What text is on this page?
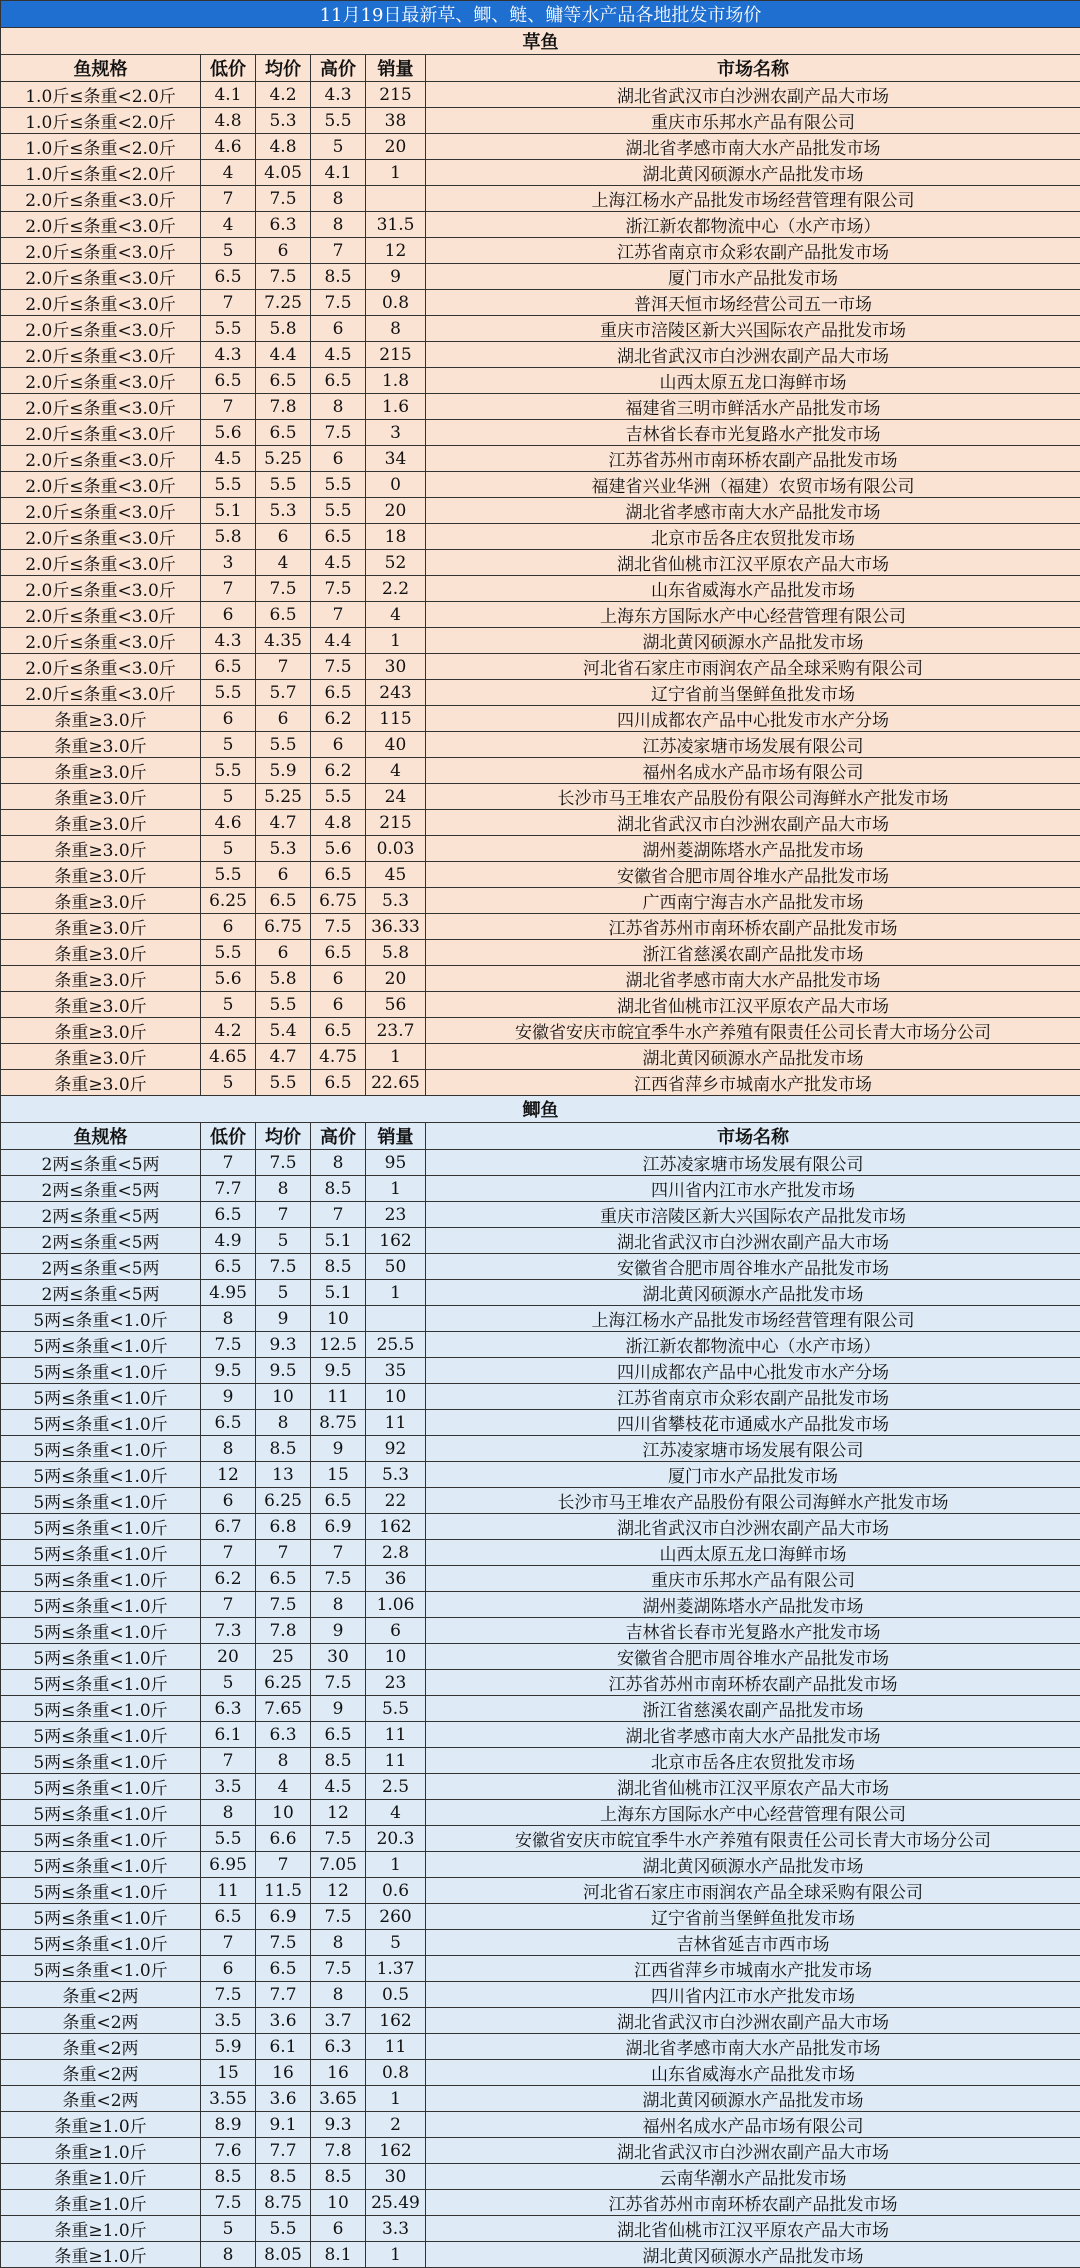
11月19日最新草、鲫、鲢、鳙等水产品各地批发市场价					
草鱼					
鱼规格	低价	均价	高价	销量	市场名称
1.0斤≤条重<2.0斤	4.1	4.2	4.3	215	湖北省武汉市白沙洲农副产品大市场
1.0斤≤条重<2.0斤	4.8	5.3	5.5	38	重庆市乐邦水产品有限公司
1.0斤≤条重<2.0斤	4.6	4.8	5	20	湖北省孝感市南大水产品批发市场
1.0斤≤条重<2.0斤	4	4.05	4.1	1	湖北黄冈硕源水产品批发市场
2.0斤≤条重<3.0斤	7	7.5	8		上海江杨水产品批发市场经营管理有限公司
2.0斤≤条重<3.0斤	4	6.3	8	31.5	浙江新农都物流中心（水产市场）
2.0斤≤条重<3.0斤	5	6	7	12	江苏省南京市众彩农副产品批发市场
2.0斤≤条重<3.0斤	6.5	7.5	8.5	9	厦门市水产品批发市场
2.0斤≤条重<3.0斤	7	7.25	7.5	0.8	普洱天恒市场经营公司五一市场
2.0斤≤条重<3.0斤	5.5	5.8	6	8	重庆市涪陵区新大兴国际农产品批发市场
2.0斤≤条重<3.0斤	4.3	4.4	4.5	215	湖北省武汉市白沙洲农副产品大市场
2.0斤≤条重<3.0斤	6.5	6.5	6.5	1.8	山西太原五龙口海鲜市场
2.0斤≤条重<3.0斤	7	7.8	8	1.6	福建省三明市鲜活水产品批发市场
2.0斤≤条重<3.0斤	5.6	6.5	7.5	3	吉林省长春市光复路水产批发市场
2.0斤≤条重<3.0斤	4.5	5.25	6	34	江苏省苏州市南环桥农副产品批发市场
2.0斤≤条重<3.0斤	5.5	5.5	5.5	0	福建省兴业华洲（福建）农贸市场有限公司
2.0斤≤条重<3.0斤	5.1	5.3	5.5	20	湖北省孝感市南大水产品批发市场
2.0斤≤条重<3.0斤	5.8	6	6.5	18	北京市岳各庄农贸批发市场
2.0斤≤条重<3.0斤	3	4	4.5	52	湖北省仙桃市江汉平原农产品大市场
2.0斤≤条重<3.0斤	7	7.5	7.5	2.2	山东省威海水产品批发市场
2.0斤≤条重<3.0斤	6	6.5	7	4	上海东方国际水产中心经营管理有限公司
2.0斤≤条重<3.0斤	4.3	4.35	4.4	1	湖北黄冈硕源水产品批发市场
2.0斤≤条重<3.0斤	6.5	7	7.5	30	河北省石家庄市雨润农产品全球采购有限公司
2.0斤≤条重<3.0斤	5.5	5.7	6.5	243	辽宁省前当堡鲜鱼批发市场
条重≥3.0斤	6	6	6.2	115	四川成都农产品中心批发市水产分场
条重≥3.0斤	5	5.5	6	40	江苏凌家塘市场发展有限公司
条重≥3.0斤	5.5	5.9	6.2	4	福州名成水产品市场有限公司
条重≥3.0斤	5	5.25	5.5	24	长沙市马王堆农产品股份有限公司海鲜水产批发市场
条重≥3.0斤	4.6	4.7	4.8	215	湖北省武汉市白沙洲农副产品大市场
条重≥3.0斤	5	5.3	5.6	0.03	湖州菱湖陈塔水产品批发市场
条重≥3.0斤	5.5	6	6.5	45	安徽省合肥市周谷堆水产品批发市场
条重≥3.0斤	6.25	6.5	6.75	5.3	广西南宁海吉水产品批发市场
条重≥3.0斤	6	6.75	7.5	36.33	江苏省苏州市南环桥农副产品批发市场
条重≥3.0斤	5.5	6	6.5	5.8	浙江省慈溪农副产品批发市场
条重≥3.0斤	5.6	5.8	6	20	湖北省孝感市南大水产品批发市场
条重≥3.0斤	5	5.5	6	56	湖北省仙桃市江汉平原农产品大市场
条重≥3.0斤	4.2	5.4	6.5	23.7	安徽省安庆市皖宜季牛水产养殖有限责任公司长青大市场分公司
条重≥3.0斤	4.65	4.7	4.75	1	湖北黄冈硕源水产品批发市场
条重≥3.0斤	5	5.5	6.5	22.65	江西省萍乡市城南水产批发市场
鲫鱼					
鱼规格	低价	均价	高价	销量	市场名称
2两≤条重<5两	7	7.5	8	95	江苏凌家塘市场发展有限公司
2两≤条重<5两	7.7	8	8.5	1	四川省内江市水产批发市场
2两≤条重<5两	6.5	7	7	23	重庆市涪陵区新大兴国际农产品批发市场
2两≤条重<5两	4.9	5	5.1	162	湖北省武汉市白沙洲农副产品大市场
2两≤条重<5两	6.5	7.5	8.5	50	安徽省合肥市周谷堆水产品批发市场
2两≤条重<5两	4.95	5	5.1	1	湖北黄冈硕源水产品批发市场
5两≤条重<1.0斤	8	9	10		上海江杨水产品批发市场经营管理有限公司
5两≤条重<1.0斤	7.5	9.3	12.5	25.5	浙江新农都物流中心（水产市场）
5两≤条重<1.0斤	9.5	9.5	9.5	35	四川成都农产品中心批发市水产分场
5两≤条重<1.0斤	9	10	11	10	江苏省南京市众彩农副产品批发市场
5两≤条重<1.0斤	6.5	8	8.75	11	四川省攀枝花市通威水产品批发市场
5两≤条重<1.0斤	8	8.5	9	92	江苏凌家塘市场发展有限公司
5两≤条重<1.0斤	12	13	15	5.3	厦门市水产品批发市场
5两≤条重<1.0斤	6	6.25	6.5	22	长沙市马王堆农产品股份有限公司海鲜水产批发市场
5两≤条重<1.0斤	6.7	6.8	6.9	162	湖北省武汉市白沙洲农副产品大市场
5两≤条重<1.0斤	7	7	7	2.8	山西太原五龙口海鲜市场
5两≤条重<1.0斤	6.2	6.5	7.5	36	重庆市乐邦水产品有限公司
5两≤条重<1.0斤	7	7.5	8	1.06	湖州菱湖陈塔水产品批发市场
5两≤条重<1.0斤	7.3	7.8	9	6	吉林省长春市光复路水产批发市场
5两≤条重<1.0斤	20	25	30	10	安徽省合肥市周谷堆水产品批发市场
5两≤条重<1.0斤	5	6.25	7.5	23	江苏省苏州市南环桥农副产品批发市场
5两≤条重<1.0斤	6.3	7.65	9	5.5	浙江省慈溪农副产品批发市场
5两≤条重<1.0斤	6.1	6.3	6.5	11	湖北省孝感市南大水产品批发市场
5两≤条重<1.0斤	7	8	8.5	11	北京市岳各庄农贸批发市场
5两≤条重<1.0斤	3.5	4	4.5	2.5	湖北省仙桃市江汉平原农产品大市场
5两≤条重<1.0斤	8	10	12	4	上海东方国际水产中心经营管理有限公司
5两≤条重<1.0斤	5.5	6.6	7.5	20.3	安徽省安庆市皖宜季牛水产养殖有限责任公司长青大市场分公司
5两≤条重<1.0斤	6.95	7	7.05	1	湖北黄冈硕源水产品批发市场
5两≤条重<1.0斤	11	11.5	12	0.6	河北省石家庄市雨润农产品全球采购有限公司
5两≤条重<1.0斤	6.5	6.9	7.5	260	辽宁省前当堡鲜鱼批发市场
5两≤条重<1.0斤	7	7.5	8	5	吉林省延吉市西市场
5两≤条重<1.0斤	6	6.5	7.5	1.37	江西省萍乡市城南水产批发市场
条重<2两	7.5	7.7	8	0.5	四川省内江市水产批发市场
条重<2两	3.5	3.6	3.7	162	湖北省武汉市白沙洲农副产品大市场
条重<2两	5.9	6.1	6.3	11	湖北省孝感市南大水产品批发市场
条重<2两	15	16	16	0.8	山东省威海水产品批发市场
条重<2两	3.55	3.6	3.65	1	湖北黄冈硕源水产品批发市场
条重≥1.0斤	8.9	9.1	9.3	2	福州名成水产品市场有限公司
条重≥1.0斤	7.6	7.7	7.8	162	湖北省武汉市白沙洲农副产品大市场
条重≥1.0斤	8.5	8.5	8.5	30	云南华潮水产品批发市场
条重≥1.0斤	7.5	8.75	10	25.49	江苏省苏州市南环桥农副产品批发市场
条重≥1.0斤	5	5.5	6	3.3	湖北省仙桃市江汉平原农产品大市场
条重≥1.0斤	8	8.05	8.1	1	湖北黄冈硕源水产品批发市场
